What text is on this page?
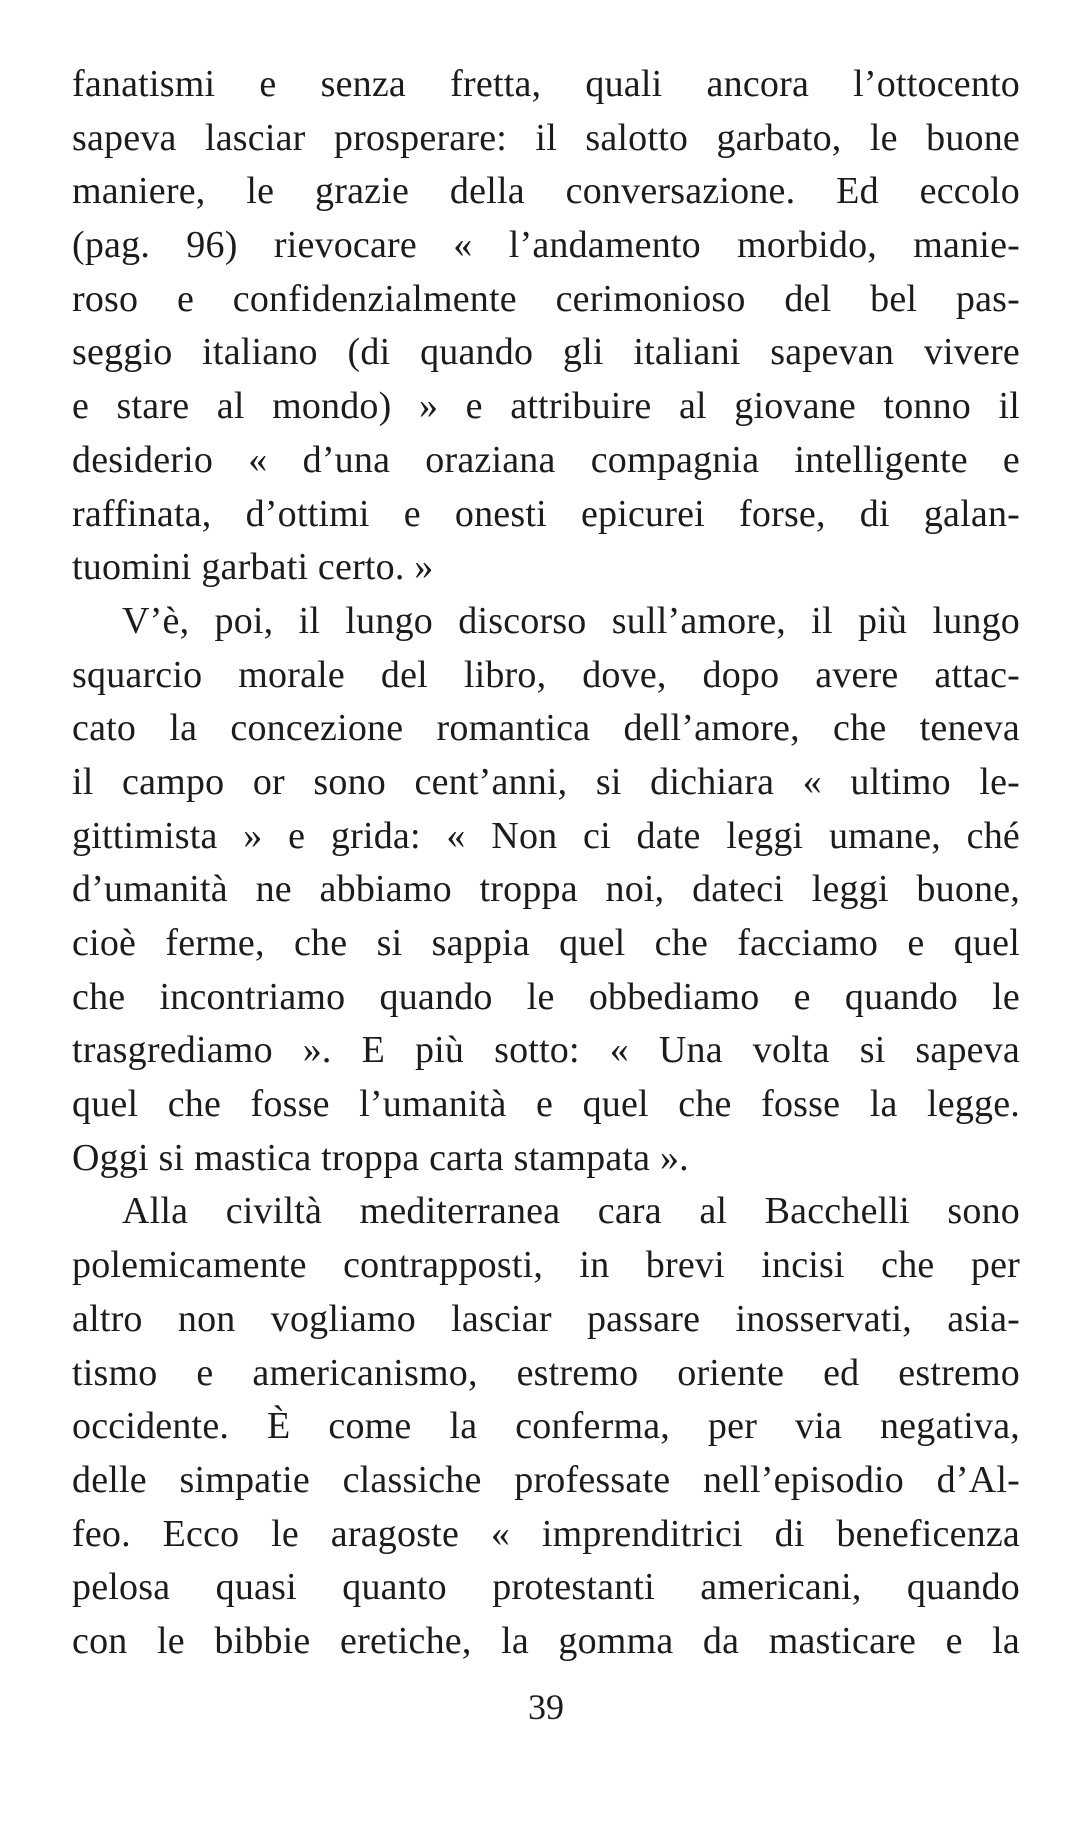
fanatismi e senza fretta, quali ancora l’ottocento
sapeva lasciar prosperare: il salotto garbato, le buone
maniere, le grazie della conversazione. Ed eccolo
(pag. 96) rievocare « l’andamento morbido, manie-
roso e confidenzialmente cerimonioso del bel pas-
seggio italiano (di quando gli italiani sapevan vivere
e stare al mondo) » e attribuire al giovane tonno il
desiderio « d’una oraziana compagnia intelligente e
raffinata, d’ottimi e onesti epicurei forse, di galan-
tuomini garbati certo. »
V’è, poi, il lungo discorso sull’amore, il più lungo
squarcio morale del libro, dove, dopo avere attac-
cato la concezione romantica dell’amore, che teneva
il campo or sono cent’anni, si dichiara « ultimo le-
gittimista » e grida: « Non ci date leggi umane, ché
d’umanità ne abbiamo troppa noi, dateci leggi buone,
cioè ferme, che si sappia quel che facciamo e quel
che incontriamo quando le obbediamo e quando le
trasgrediamo ». E più sotto: « Una volta si sapeva
quel che fosse l’umanità e quel che fosse la legge.
Oggi si mastica troppa carta stampata ».
Alla civiltà mediterranea cara al Bacchelli sono
polemicamente contrapposti, in brevi incisi che per
altro non vogliamo lasciar passare inosservati, asia-
tismo e americanismo, estremo oriente ed estremo
occidente. È come la conferma, per via negativa,
delle simpatie classiche professate nell’episodio d’Al-
feo. Ecco le aragoste « imprenditrici di beneficenza
pelosa quasi quanto protestanti americani, quando
con le bibbie eretiche, la gomma da masticare e la
39
